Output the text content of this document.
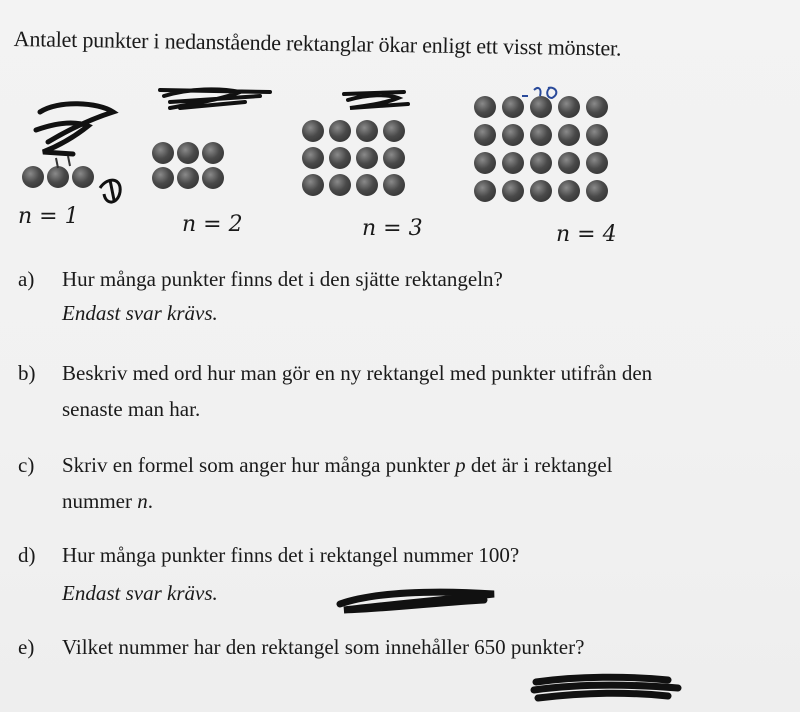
Antalet punkter i nedanstående rektanglar ökar enligt ett visst mönster.
n = 1	n = 2	n = 3	n = 4
a) Hur många punkter finns det i den sjätte rektangeln?
Endast svar krävs.
b) Beskriv med ord hur man gör en ny rektangel med punkter utifrån den
senaste man har.
c) Skriv en formel som anger hur många punkter p det är i rektangel
nummer n.
d) Hur många punkter finns det i rektangel nummer 100?
Endast svar krävs.
e) Vilket nummer har den rektangel som innehåller 650 punkter?
